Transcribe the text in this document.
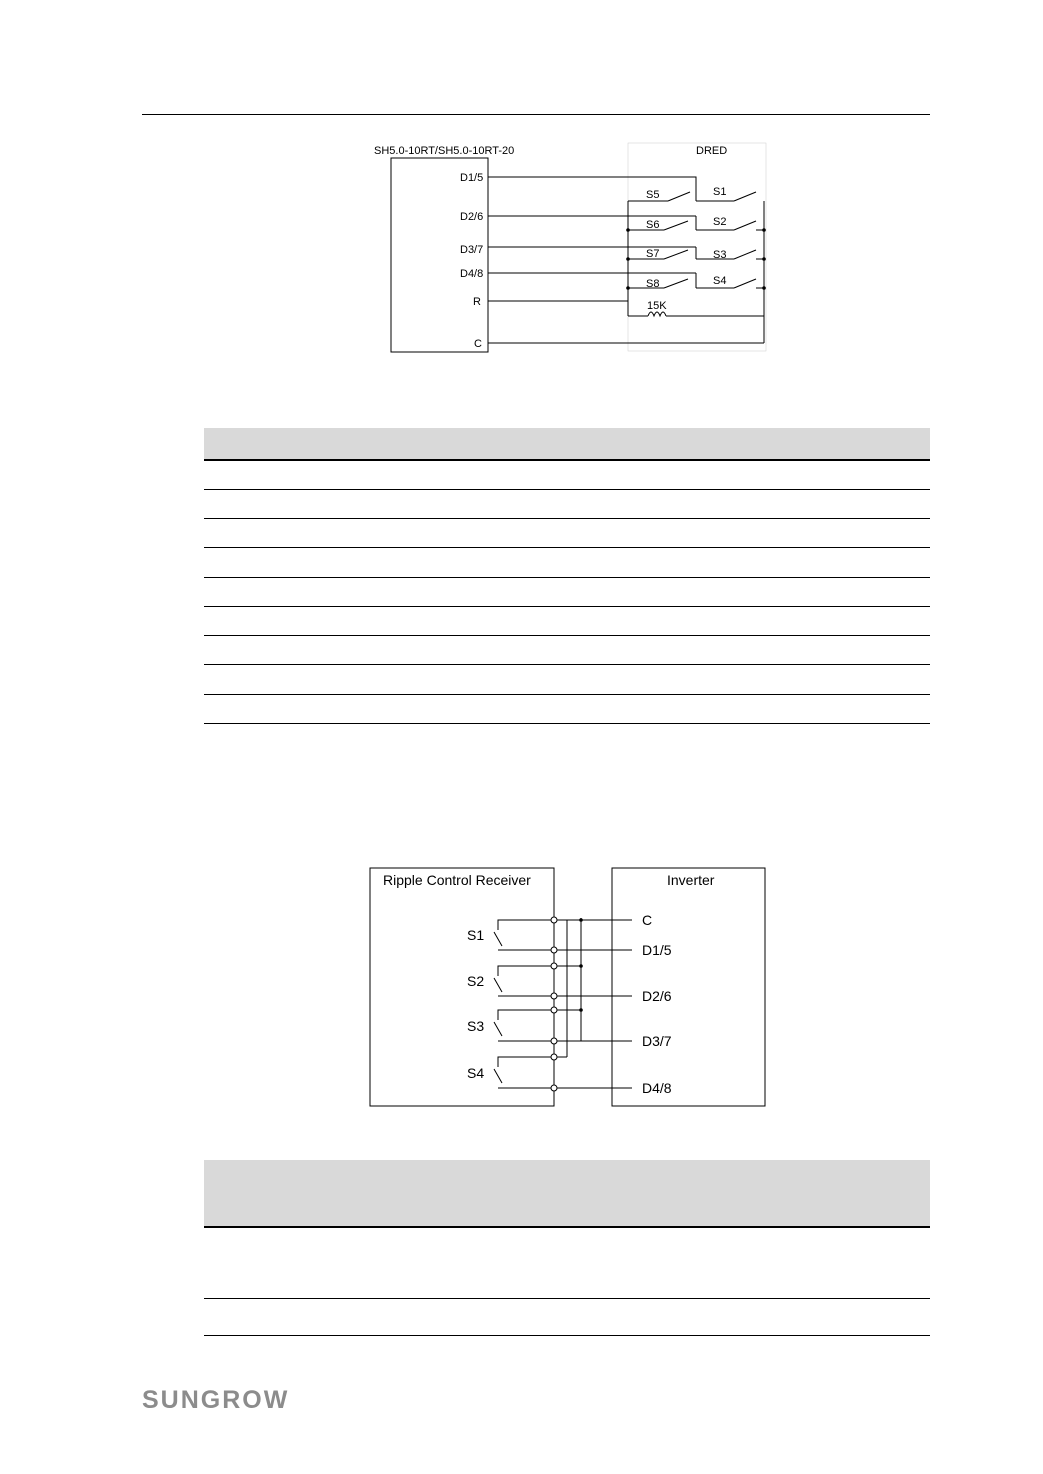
SH5.0-10RT/SH5.0-10RT-20	DRED
D1/5
D2/6
D3/7
D4/8
R
C
S5	S1
S6	S2
S7	S3
S8	S4
15K
Ripple Control Receiver	Inverter
S1
S2
S3
S4
C
D1/5
D2/6
D3/7
D4/8
SUNGROW
